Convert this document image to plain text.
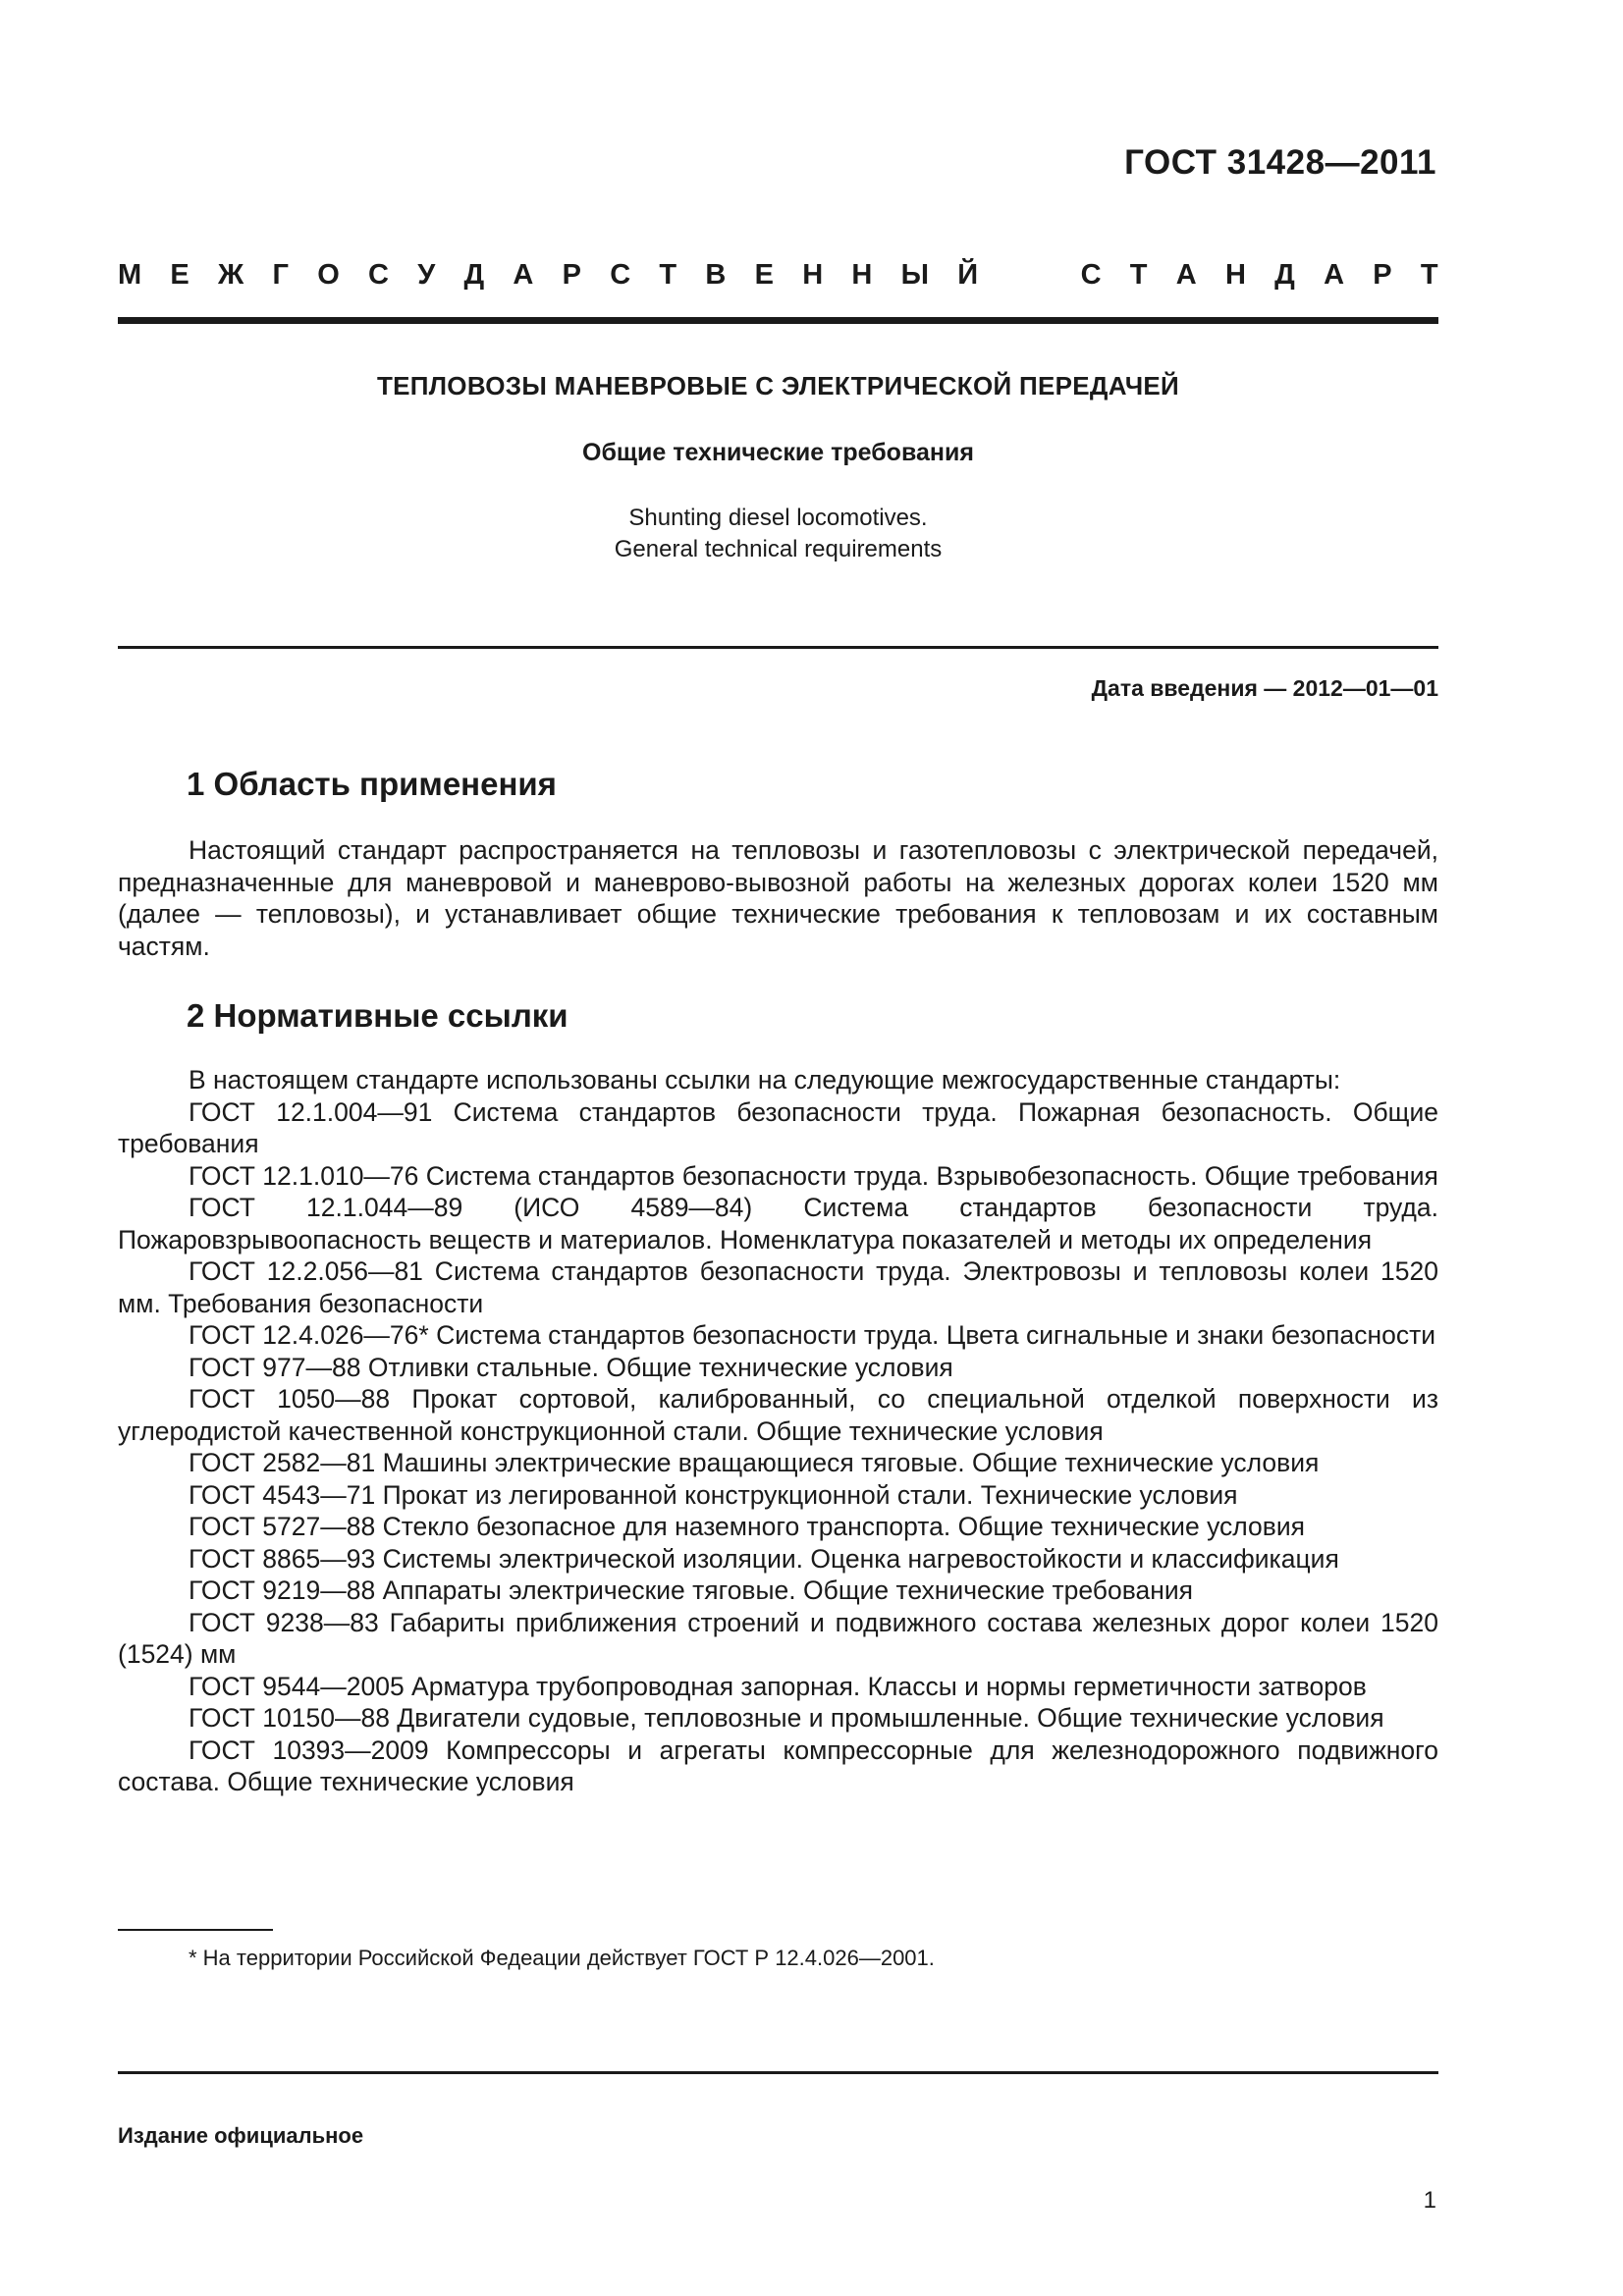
ГОСТ 31428—2011
М Е Ж Г О С У Д А Р С Т В Е Н Н Ы Й	С Т А Н Д А Р Т
ТЕПЛОВОЗЫ МАНЕВРОВЫЕ С ЭЛЕКТРИЧЕСКОЙ ПЕРЕДАЧЕЙ
Общие технические требования
Shunting diesel locomotives.
General technical requirements
Дата введения — 2012—01—01
1 Область применения

Настоящий стандарт распространяется на тепловозы и газотепловозы с электрической передачей, предназначенные для маневровой и маневрово-вывозной работы на железных дорогах колеи 1520 мм (далее — тепловозы), и устанавливает общие технические требования к тепловозам и их составным частям.

2 Нормативные ссылки

В настоящем стандарте использованы ссылки на следующие межгосударственные стандарты:

ГОСТ 12.1.004—91 Система стандартов безопасности труда. Пожарная безопасность. Общие требования

ГОСТ 12.1.010—76 Система стандартов безопасности труда. Взрывобезопасность. Общие требования

ГОСТ 12.1.044—89 (ИСО 4589—84) Система стандартов безопасности труда. Пожаровзрывоопасность веществ и материалов. Номенклатура показателей и методы их определения

ГОСТ 12.2.056—81 Система стандартов безопасности труда. Электровозы и тепловозы колеи 1520 мм. Требования безопасности

ГОСТ 12.4.026—76* Система стандартов безопасности труда. Цвета сигнальные и знаки безопасности

ГОСТ 977—88 Отливки стальные. Общие технические условия

ГОСТ 1050—88 Прокат сортовой, калиброванный, со специальной отделкой поверхности из углеродистой качественной конструкционной стали. Общие технические условия

ГОСТ 2582—81 Машины электрические вращающиеся тяговые. Общие технические условия

ГОСТ 4543—71 Прокат из легированной конструкционной стали. Технические условия

ГОСТ 5727—88 Стекло безопасное для наземного транспорта. Общие технические условия

ГОСТ 8865—93 Системы электрической изоляции. Оценка нагревостойкости и классификация

ГОСТ 9219—88 Аппараты электрические тяговые. Общие технические требования

ГОСТ 9238—83 Габариты приближения строений и подвижного состава железных дорог колеи 1520 (1524) мм

ГОСТ 9544—2005 Арматура трубопроводная запорная. Классы и нормы герметичности затворов

ГОСТ 10150—88 Двигатели судовые, тепловозные и промышленные. Общие технические условия

ГОСТ 10393—2009 Компрессоры и агрегаты компрессорные для железнодорожного подвижного состава. Общие технические условия

* На территории Российской Федеации действует ГОСТ Р 12.4.026—2001.
Издание официальное
1
